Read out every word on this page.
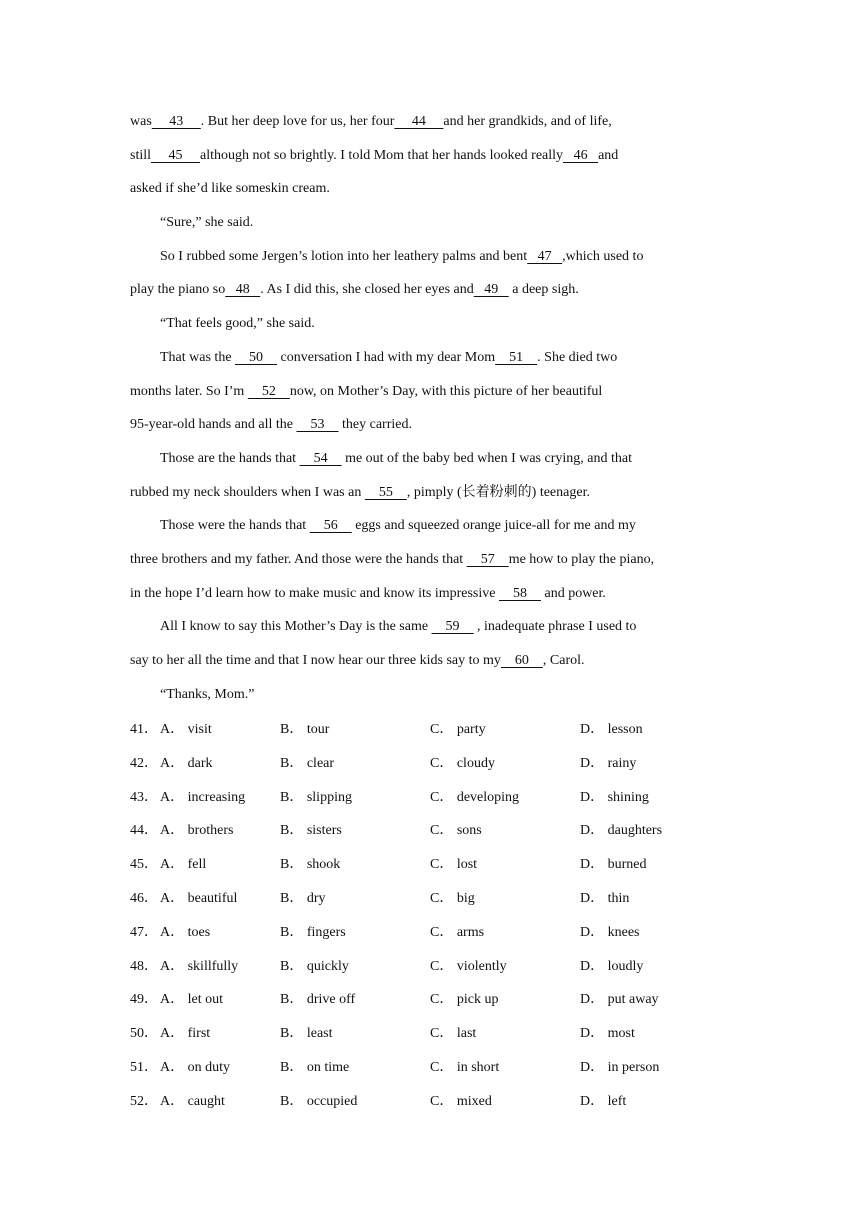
was     43     . But her deep love for us, her four     44     and her grandkids, and of life,
still     45     although not so brightly. I told Mom that her hands looked really   46   and
asked if she’d like someskin cream.
“Sure,” she said.
So I rubbed some Jergen’s lotion into her leathery palms and bent   47   ,which used to
play the piano so   48   . As I did this, she closed her eyes and   49    a deep sigh.
“That feels good,” she said.
That was the     50     conversation I had with my dear Mom    51    . She died two
months later. So I’m     52    now, on Mother’s Day, with this picture of her beautiful
95-year-old hands and all the     53     they carried.
Those are the hands that     54     me out of the baby bed when I was crying, and that
rubbed my neck shoulders when I was an     55    , pimply (长着粉刺的) teenager.
Those were the hands that     56     eggs and squeezed orange juice-all for me and my
three brothers and my father. And those were the hands that     57    me how to play the piano,
in the hope I’d learn how to make music and know its impressive     58     and power.
All I know to say this Mother’s Day is the same     59     , inadequate phrase I used to
say to her all the time and that I now hear our three kids say to my    60    , Carol.
“Thanks, Mom.”
41． A． visit	B． tour	C． party	D． lesson
42． A． dark	B． clear	C． cloudy	D． rainy
43． A． increasing B． slipping	C． developing	D． shining
44． A． brothers	B． sisters	C． sons	D． daughters
45． A． fell	B． shook	C． lost	D． burned
46． A． beautiful	B． dry	C． big	D． thin
47． A． toes	B． fingers	C． arms	D． knees
48． A． skillfully	B． quickly	C． violently	D． loudly
49． A． let out	B． drive off	C． pick up	D． put away
50． A． first	B． least	C． last	D． most
51． A． on duty	B． on time	C． in short	D． in person
52． A． caught	B． occupied	C． mixed	D． left
